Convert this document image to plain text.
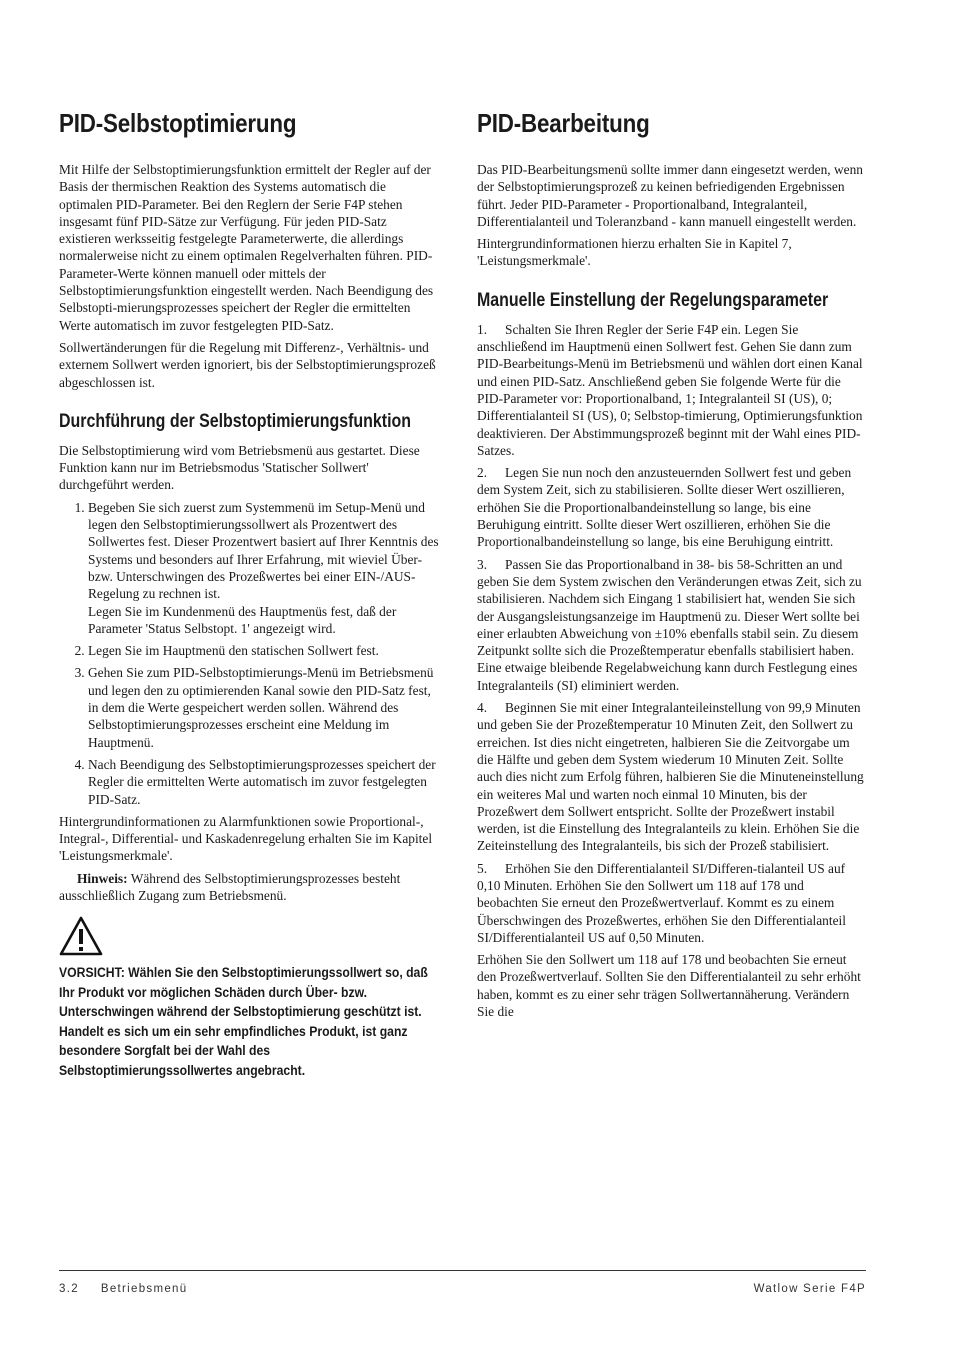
PID-Selbstoptimierung

Mit Hilfe der Selbstoptimierungsfunktion ermittelt der Regler auf der Basis der thermischen Reaktion des Systems automatisch die optimalen PID-Parameter. Bei den Reglern der Serie F4P stehen insgesamt fünf PID-Sätze zur Verfügung. Für jeden PID-Satz existieren werksseitig festgelegte Parameterwerte, die allerdings normalerweise nicht zu einem optimalen Regelverhalten führen. PID-Parameter-Werte können manuell oder mittels der Selbstoptimierungsfunktion eingestellt werden. Nach Beendigung des Selbstopti-mierungsprozesses speichert der Regler die ermittelten Werte automatisch im zuvor festgelegten PID-Satz.

Sollwertänderungen für die Regelung mit Differenz-, Verhältnis- und externem Sollwert werden ignoriert, bis der Selbstoptimierungsprozeß abgeschlossen ist.

Durchführung der Selbstoptimierungsfunktion

Die Selbstoptimierung wird vom Betriebsmenü aus gestartet. Diese Funktion kann nur im Betriebsmodus 'Statischer Sollwert' durchgeführt werden.

1. Begeben Sie sich zuerst zum Systemmenü im Setup-Menü und legen den Selbstoptimierungssollwert als Prozentwert des Sollwertes fest. Dieser Prozentwert basiert auf Ihrer Kenntnis des Systems und besonders auf Ihrer Erfahrung, mit wieviel Über- bzw. Unterschwingen des Prozeßwertes bei einer EIN-/AUS-Regelung zu rechnen ist.

Legen Sie im Kundenmenü des Hauptmenüs fest, daß der Parameter 'Status Selbstopt. 1' angezeigt wird.

2. Legen Sie im Hauptmenü den statischen Sollwert fest.
3. Gehen Sie zum PID-Selbstoptimierungs-Menü im Betriebsmenü und legen den zu optimierenden Kanal sowie den PID-Satz fest, in dem die Werte gespeichert werden sollen. Während des Selbstoptimierungsprozesses erscheint eine Meldung im Hauptmenü.
4. Nach Beendigung des Selbstoptimierungsprozesses speichert der Regler die ermittelten Werte automatisch im zuvor festgelegten PID-Satz.

Hintergrundinformationen zu Alarmfunktionen sowie Proportional-, Integral-, Differential- und Kaskadenregelung erhalten Sie im Kapitel 'Leistungsmerkmale'.

Hinweis: Während des Selbstoptimierungsprozesses besteht ausschließlich Zugang zum Betriebsmenü.

VORSICHT: Wählen Sie den Selbstoptimierungssollwert so, daß Ihr Produkt vor möglichen Schäden durch Über- bzw. Unterschwingen während der Selbstoptimierung geschützt ist. Handelt es sich um ein sehr empfindliches Produkt, ist ganz besondere Sorgfalt bei der Wahl des Selbstoptimierungssollwertes angebracht.

PID-Bearbeitung

Das PID-Bearbeitungsmenü sollte immer dann eingesetzt werden, wenn der Selbstoptimierungsprozeß zu keinen befriedigenden Ergebnissen führt. Jeder PID-Parameter - Proportionalband, Integralanteil, Differentialanteil und Toleranzband - kann manuell eingestellt werden.

Hintergrundinformationen hierzu erhalten Sie in Kapitel 7, 'Leistungsmerkmale'.

Manuelle Einstellung der Regelungsparameter

1. Schalten Sie Ihren Regler der Serie F4P ein. Legen Sie anschließend im Hauptmenü einen Sollwert fest. Gehen Sie dann zum PID-Bearbeitungs-Menü im Betriebsmenü und wählen dort einen Kanal und einen PID-Satz. Anschließend geben Sie folgende Werte für die PID-Parameter vor: Proportionalband, 1; Integralanteil SI (US), 0; Differentialanteil SI (US), 0; Selbstop-timierung, Optimierungsfunktion deaktivieren. Der Abstimmungsprozeß beginnt mit der Wahl eines PID-Satzes.

2. Legen Sie nun noch den anzusteuernden Sollwert fest und geben dem System Zeit, sich zu stabilisieren. Sollte dieser Wert oszillieren, erhöhen Sie die Proportionalbandeinstellung so lange, bis eine Beruhigung eintritt. Sollte dieser Wert oszillieren, erhöhen Sie die Proportionalbandeinstellung so lange, bis eine Beruhigung eintritt.

3. Passen Sie das Proportionalband in 38- bis 58-Schritten an und geben Sie dem System zwischen den Veränderungen etwas Zeit, sich zu stabilisieren. Nachdem sich Eingang 1 stabilisiert hat, wenden Sie sich der Ausgangsleistungsanzeige im Hauptmenü zu. Dieser Wert sollte bei einer erlaubten Abweichung von ±10% ebenfalls stabil sein. Zu diesem Zeitpunkt sollte sich die Prozeßtemperatur ebenfalls stabilisiert haben. Eine etwaige bleibende Regelabweichung kann durch Festlegung eines Integralanteils (SI) eliminiert werden.

4. Beginnen Sie mit einer Integralanteileinstellung von 99,9 Minuten und geben Sie der Prozeßtemperatur 10 Minuten Zeit, den Sollwert zu erreichen. Ist dies nicht eingetreten, halbieren Sie die Zeitvorgabe um die Hälfte und geben dem System wiederum 10 Minuten Zeit. Sollte auch dies nicht zum Erfolg führen, halbieren Sie die Minuteneinstellung ein weiteres Mal und warten noch einmal 10 Minuten, bis der Prozeßwert dem Sollwert entspricht. Sollte der Prozeßwert instabil werden, ist die Einstellung des Integralanteils zu klein. Erhöhen Sie die Zeiteinstellung des Integralanteils, bis sich der Prozeß stabilisiert.

5. Erhöhen Sie den Differentialanteil SI/Differen-tialanteil US auf 0,10 Minuten. Erhöhen Sie den Sollwert um 118 auf 178 und beobachten Sie erneut den Prozeßwertverlauf. Kommt es zu einem Überschwingen des Prozeßwertes, erhöhen Sie den Differentialanteil SI/Differentialanteil US auf 0,50 Minuten.

Erhöhen Sie den Sollwert um 118 auf 178 und beobachten Sie erneut den Prozeßwertverlauf. Sollten Sie den Differentialanteil zu sehr erhöht haben, kommt es zu einer sehr trägen Sollwertannäherung. Verändern Sie die

3.2 Betriebsmenü	Watlow Serie F4P
